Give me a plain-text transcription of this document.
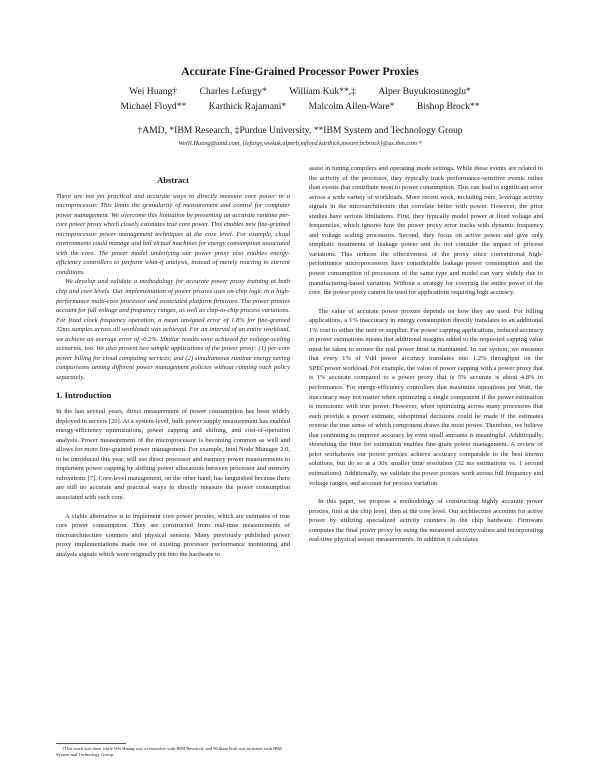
Accurate Fine-Grained Processor Power Proxies
Wei Huang† Charles Lefurgy* William Kuk**,‡ Alper Buyuktosunoglu*
Michael Floyd** Karthick Rajamani* Malcolm Allen-Ware* Bishop Brock**
†AMD, *IBM Research, ‡Purdue University, **IBM System and Technology Group
WeiN.Huang@amd.com, {lefurgy,wwkuk,alperb,mfloyd,karthick,mware,bcbrock}@us.ibm.com *
Abstract

There are not yet practical and accurate ways to directly measure core power in a microprocessor. This limits the granularity of measurement and control for computer power management. We overcome this limitation by presenting an accurate runtime per-core power proxy which closely estimates true core power. This enables new fine-grained microprocessor power management techniques at the core level. For example, cloud environments could manage and bill virtual machines for energy consumption associated with the core. The power model underlying our power proxy also enables energy-efficiency controllers to perform what-if analysis, instead of merely reacting to current conditions.

We develop and validate a methodology for accurate power proxy training at both chip and core levels. Our implementation of power proxies uses on-chip logic in a high-performance multi-core processor and associated platform firmware. The power proxies account for full voltage and frequency ranges, as well as chip-to-chip process variations. For fixed clock frequency operation, a mean unsigned error of 1.8% for fine-grained 32ms samples across all workloads was achieved. For an interval of an entire workload, we achieve an average error of -0.2%. Similar results were achieved for voltage-scaling scenarios, too. We also present two sample applications of the power proxy: (1) per-core power billing for cloud computing services; and (2) simultaneous runtime energy saving comparisons among different power management policies without running each policy separately.

1. Introduction

In the last several years, direct measurement of power consumption has been widely deployed in servers [20]. At a system-level, bulk power supply measurement has enabled energy-efficiency optimizations, power capping and shifting, and cost-of-operation analysis. Power measurement of the microprocessor is becoming common as well and allows for more fine-grained power management. For example, Intel Node Manager 2.0, to be introduced this year, will use direct processor and memory power measurements to implement power capping by shifting power allocations between processor and memory subsystems [7]. Core-level management, on the other hand, has languished because there are still no accurate and practical ways to directly measure the power consumption associated with each core.

A viable alternative is to implement core power proxies, which are estimates of true core power consumption. They are constructed from real-time measurements of microarchitecture counters and physical sensors. Many previously published power proxy implementations made use of existing processor performance monitoring and analysis signals which were originally put into the hardware to

assist in tuning compilers and operating mode settings. While these events are related to the activity of the processor, they typically track performance-sensitive events rather than events that contribute most to power consumption. This can lead to significant error across a wide variety of workloads. More recent work, including ours, leverage activity signals in the microarchitecture that correlate better with power. However, the prior studies have serious limitations. First, they typically model power at fixed voltage and frequencies, which ignores how the power proxy error tracks with dynamic frequency and voltage scaling processors. Second, they focus on active power and give only simplistic treatments of leakage power and do not consider the impact of process variations. This reduces the effectiveness of the proxy since conventional high-performance microprocessors have considerable leakage power consumption and the power consumption of processors of the same type and model can vary widely due to manufacturing-based variation. Without a strategy for covering the entire power of the core, the power proxy cannot be used for applications requiring high accuracy.

The value of accurate power proxies depends on how they are used. For billing applications, a 1% inaccuracy in energy consumption directly translates to an additional 1% cost to either the user or supplier. For power capping applications, reduced accuracy in power estimations means that additional margins added to the requested capping value must be taken to ensure the real power limit is maintained. In our system, we measure that every 1% of Vdd power accuracy translates into 1.2% throughput on the SPECpower workload. For example, the value of power capping with a power proxy that is 1% accurate compared to a power proxy that is 5% accurate is about 4.8% in performance. For energy-efficiency controllers that maximize operations per Watt, the inaccuracy may not matter when optimizing a single component if the power estimation is monotonic with true power. However, when optimizing across many processors that each provide a power estimate, suboptimal decisions could be made if the estimates reverse the true sense of which component draws the most power. Therefore, we believe that continuing to improve accuracy by even small amounts is meaningful. Additionally, shortening the time for estimation enables fine-grain power management. A review of prior workshows our power proxies achieve accuracy comparable to the best known solutions, but do so at a 30x smaller time resolution (32 ms estimations vs. 1 second estimations). Additionally, we validate the power proxies work across full frequency and voltage ranges, and account for process variation.

In this paper, we propose a methodology of constructing highly accurate power proxies, first at the chip level, then at the core level. Our architecture accounts for active power by utilizing specialized activity counters in the chip hardware. Firmware computes the final power proxy by using the measured activity values and incorporating real-time physical sensor measurements. In addition it calculates

†This work was done while Wei Huang was a researcher with IBM Research, and William Kuk was an intern with IBM System and Technology Group.
